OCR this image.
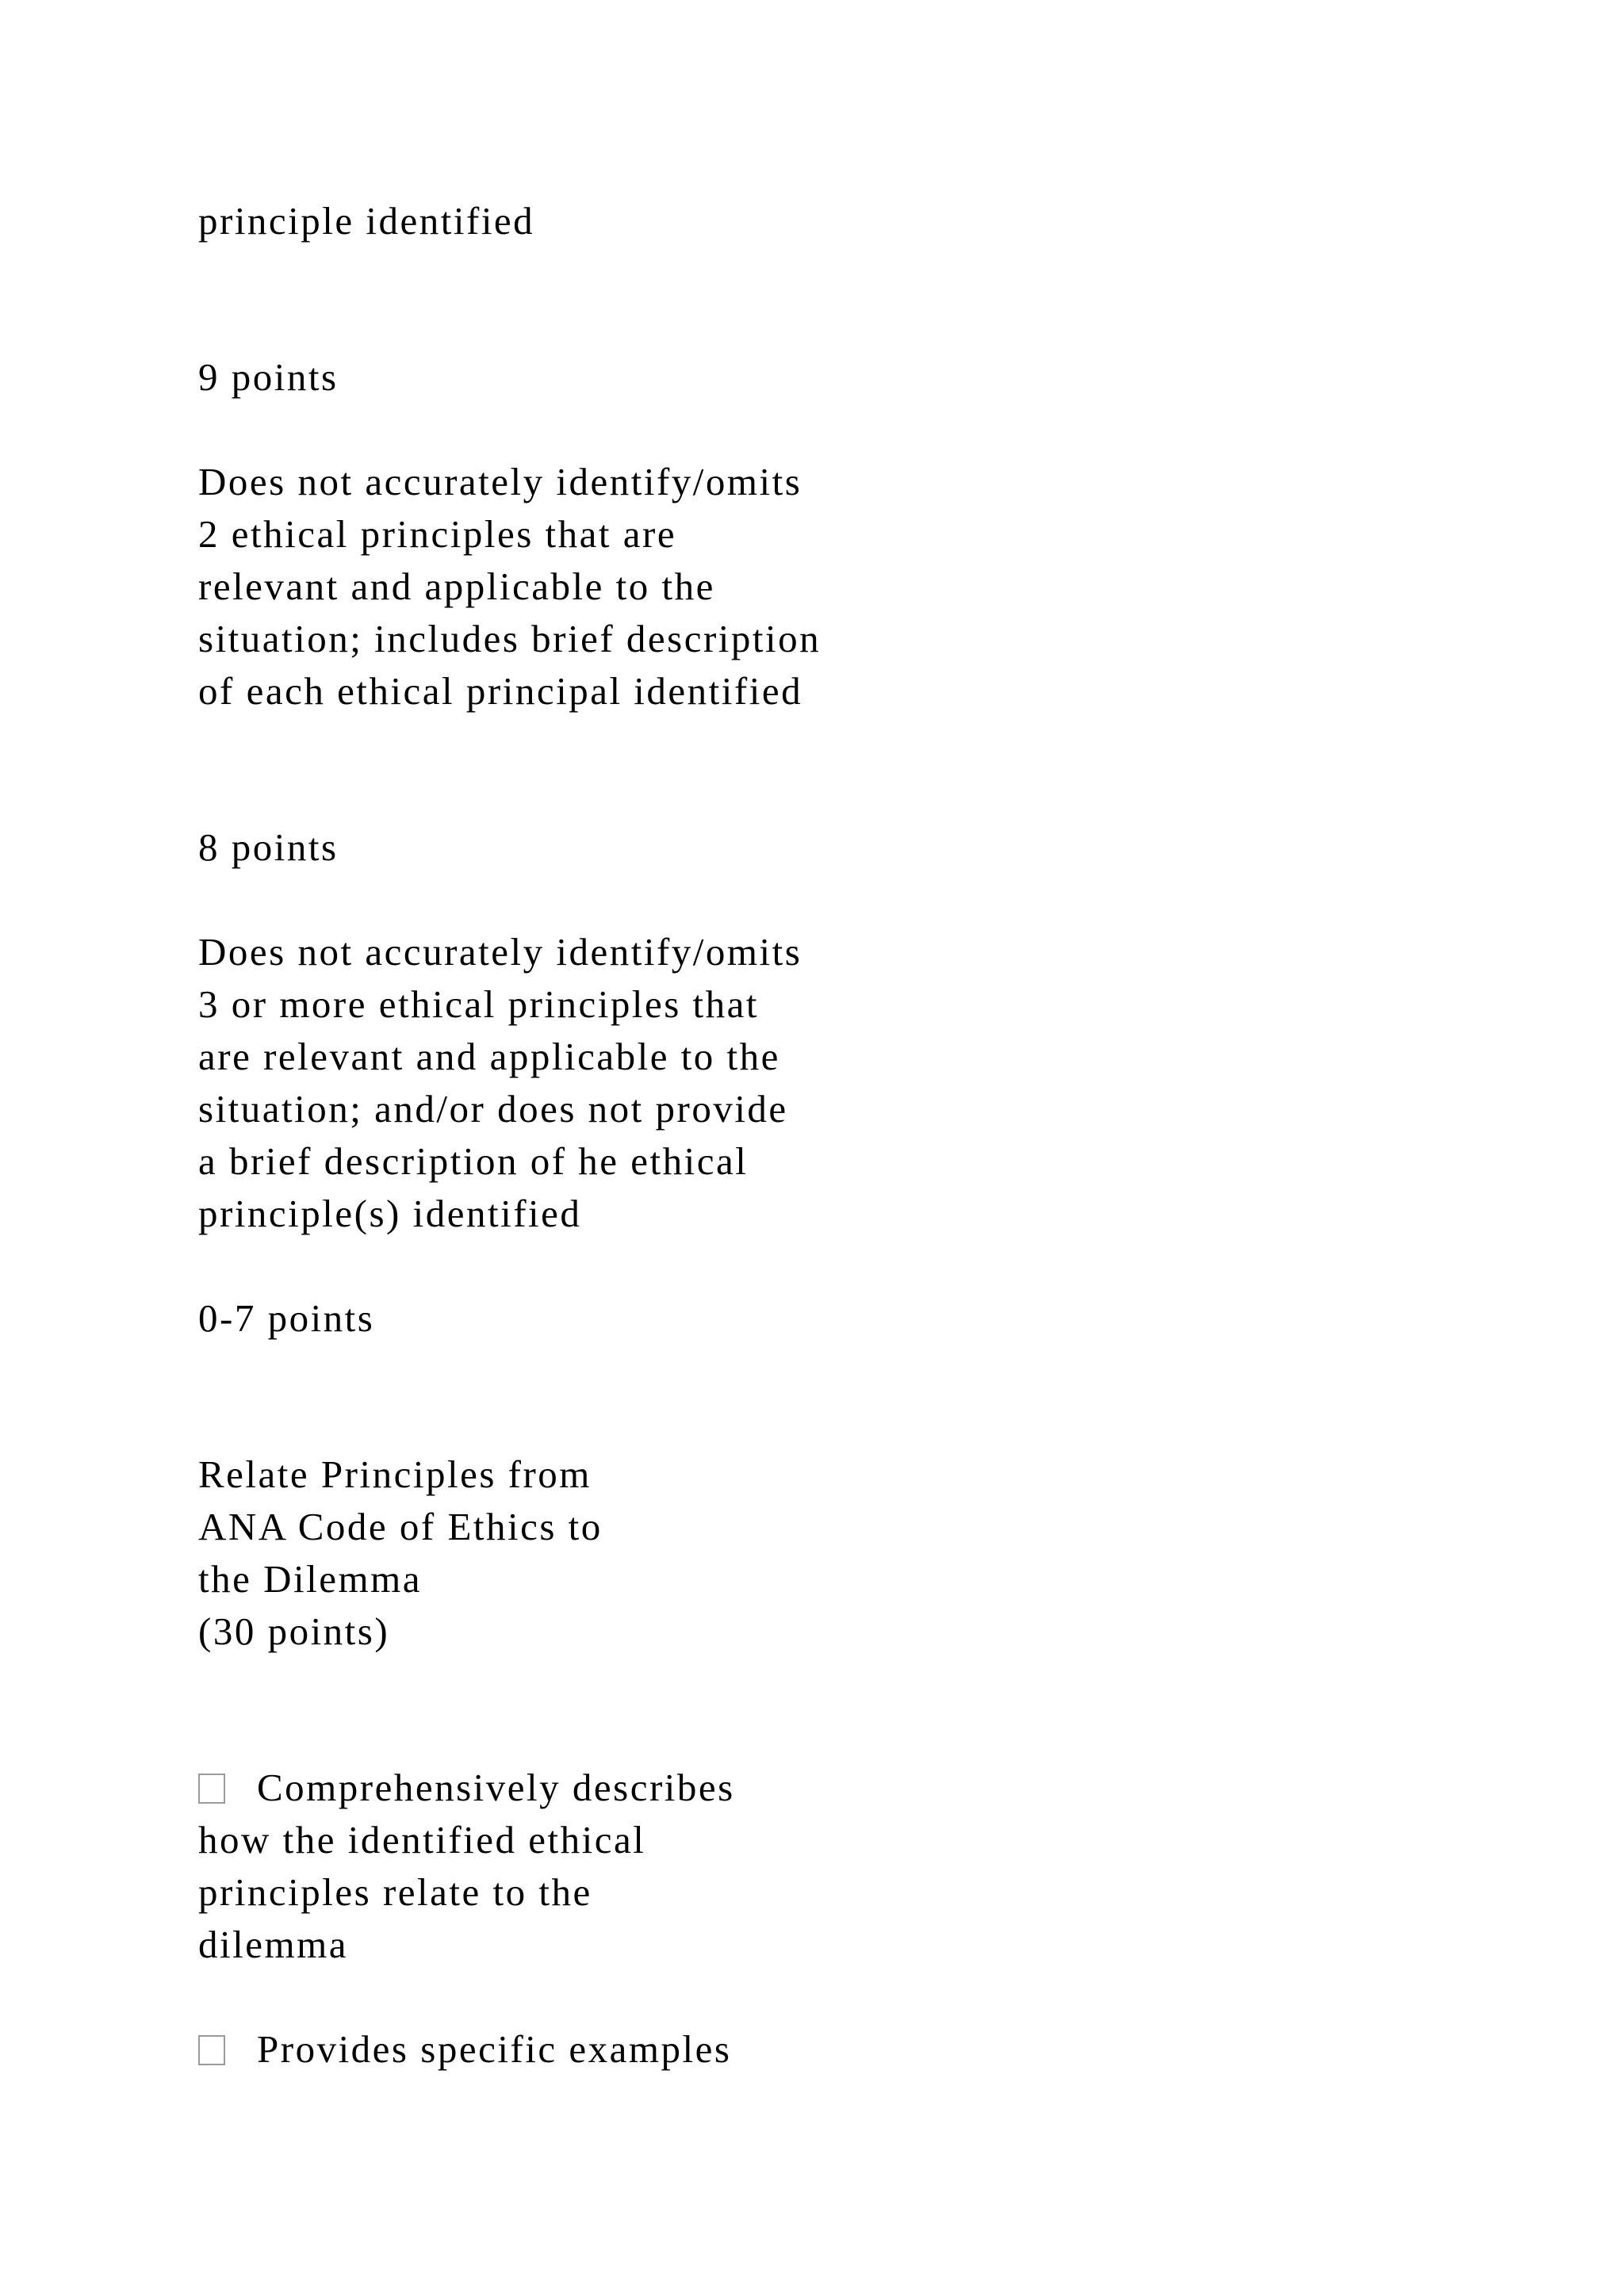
principle identified

9 points

Does not accurately identify/omits

2 ethical principles that are

relevant and applicable to the

situation; includes brief description

of each ethical principal identified

8 points

Does not accurately identify/omits

3 or more ethical principles that

are relevant and applicable to the

situation; and/or does not provide

a brief description of he ethical

principle(s) identified

0-7 points

Relate Principles from

ANA Code of Ethics to

the Dilemma

(30 points)

Comprehensively describes

how the identified ethical

principles relate to the

dilemma

Provides specific examples
